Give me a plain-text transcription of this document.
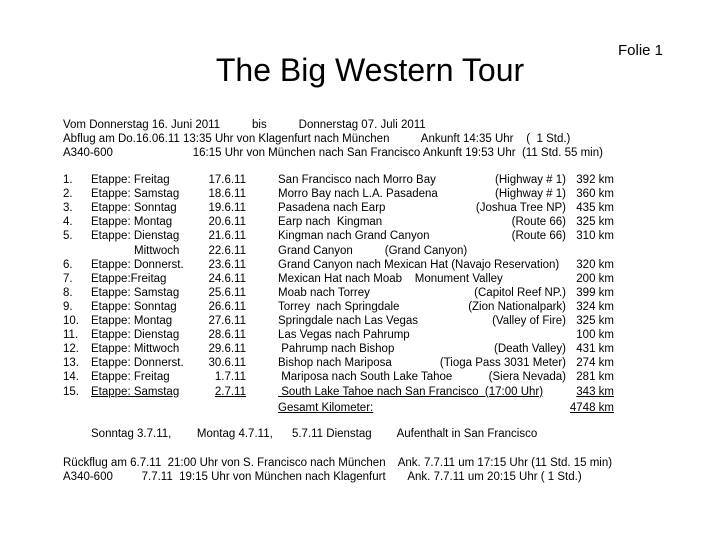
The Big Western Tour
Folie 1
Vom Donnerstag 16. Juni 2011          bis          Donnerstag 07. Juli 2011
Abflug am Do.16.06.11 13:35 Uhr von Klagenfurt nach München          Ankunft 14:35 Uhr    (  1 Std.)
A340-600                         16:15 Uhr von München nach San Francisco Ankunft 19:53 Uhr  (11 Std. 55 min)
1. Etappe: Freitag	17.6.11	San Francisco nach Morro Bay	(Highway # 1) 392 km
2. Etappe: Samstag	18.6.11	Morro Bay nach L.A. Pasadena	(Highway # 1) 360 km
3. Etappe: Sonntag	19.6.11	Pasadena nach Earp	(Joshua Tree NP) 435 km
4. Etappe: Montag	20.6.11	Earp nach  Kingman	(Route 66) 325 km
5. Etappe: Dienstag	21.6.11	Kingman nach Grand Canyon	(Route 66) 310 km
Mittwoch	22.6.11	Grand Canyon          (Grand Canyon)
6. Etappe: Donnerst.	23.6.11	Grand Canyon nach Mexican Hat (Navajo Reservation)	320 km
7. Etappe:Freitag	24.6.11	Mexican Hat nach Moab    Monument Valley	200 km
8. Etappe: Samstag	25.6.11	Moab nach Torrey	(Capitol Reef NP.) 399 km
9. Etappe: Sonntag	26.6.11	Torrey  nach Springdale	(Zion Nationalpark) 324 km
10. Etappe: Montag	27.6.11	Springdale nach Las Vegas	(Valley of Fire) 325 km
11. Etappe: Dienstag	28.6.11	Las Vegas nach Pahrump	100 km
12. Etappe: Mittwoch	29.6.11	Pahrump nach Bishop	(Death Valley) 431 km
13. Etappe: Donnerst.	30.6.11	Bishop nach Mariposa	(Tioga Pass 3031 Meter) 274 km
14. Etappe: Freitag	1.7.11	Mariposa nach South Lake Tahoe	(Siera Nevada) 281 km
15. Etappe: Samstag	2.7.11	South Lake Tahoe nach San Francisco  (17:00 Uhr)	343 km
Gesamt Kilometer:	4748 km
Sonntag 3.7.11,        Montag 4.7.11,      5.7.11 Dienstag        Aufenthalt in San Francisco
Rückflug am 6.7.11  21:00 Uhr von S. Francisco nach München    Ank. 7.7.11 um 17:15 Uhr (11 Std. 15 min)
A340-600         7.7.11  19:15 Uhr von München nach Klagenfurt       Ank. 7.7.11 um 20:15 Uhr ( 1 Std.)
